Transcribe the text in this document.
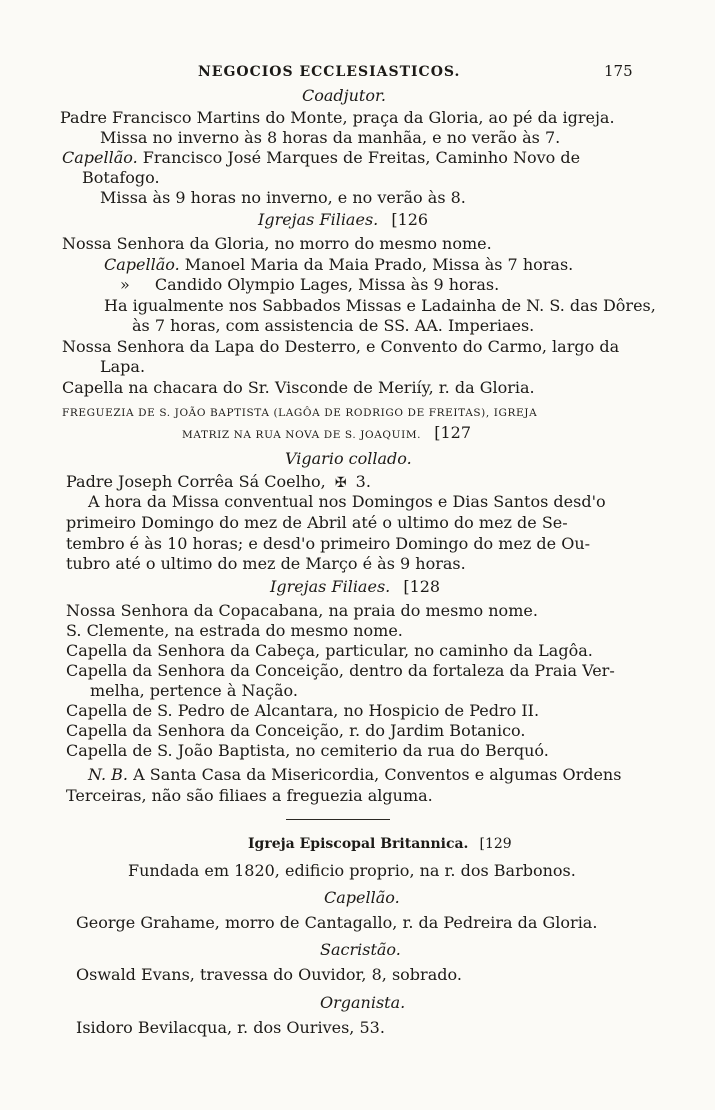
NEGOCIOS ECCLESIASTICOS.	175
Coadjutor.
Padre Francisco Martins do Monte, praça da Gloria, ao pé da igreja.
Missa no inverno às 8 horas da manhãa, e no verão às 7.
Capellão. Francisco José Marques de Freitas, Caminho Novo de
Botafogo.
Missa às 9 horas no inverno, e no verão às 8.
Igrejas Filiaes. [126
Nossa Senhora da Gloria, no morro do mesmo nome.
Capellão. Manoel Maria da Maia Prado, Missa às 7 horas.
» Candido Olympio Lages, Missa às 9 horas.
Ha igualmente nos Sabbados Missas e Ladainha de N. S. das Dôres,
às 7 horas, com assistencia de SS. AA. Imperiaes.
Nossa Senhora da Lapa do Desterro, e Convento do Carmo, largo da
Lapa.
Capella na chacara do Sr. Visconde de Meriíy, r. da Gloria.
FREGUEZIA DE S. JOÃO BAPTISTA (LAGÔA DE RODRIGO DE FREITAS), IGREJA
MATRIZ NA RUA NOVA DE S. JOAQUIM. [127
Vigario collado.
Padre Joseph Corrêa Sá Coelho, ✠ 3.
A hora da Missa conventual nos Domingos e Dias Santos desd'o
primeiro Domingo do mez de Abril até o ultimo do mez de Se-
tembro é às 10 horas; e desd'o primeiro Domingo do mez de Ou-
tubro até o ultimo do mez de Março é às 9 horas.
Igrejas Filiaes. [128
Nossa Senhora da Copacabana, na praia do mesmo nome.
S. Clemente, na estrada do mesmo nome.
Capella da Senhora da Cabeça, particular, no caminho da Lagôa.
Capella da Senhora da Conceição, dentro da fortaleza da Praia Ver-
melha, pertence à Nação.
Capella de S. Pedro de Alcantara, no Hospicio de Pedro II.
Capella da Senhora da Conceição, r. do Jardim Botanico.
Capella de S. João Baptista, no cemiterio da rua do Berquó.
N. B. A Santa Casa da Misericordia, Conventos e algumas Ordens
Terceiras, não são filiaes a freguezia alguma.
Igreja Episcopal Britannica. [129
Fundada em 1820, edificio proprio, na r. dos Barbonos.
Capellão.
George Grahame, morro de Cantagallo, r. da Pedreira da Gloria.
Sacristão.
Oswald Evans, travessa do Ouvidor, 8, sobrado.
Organista.
Isidoro Bevilacqua, r. dos Ourives, 53.
